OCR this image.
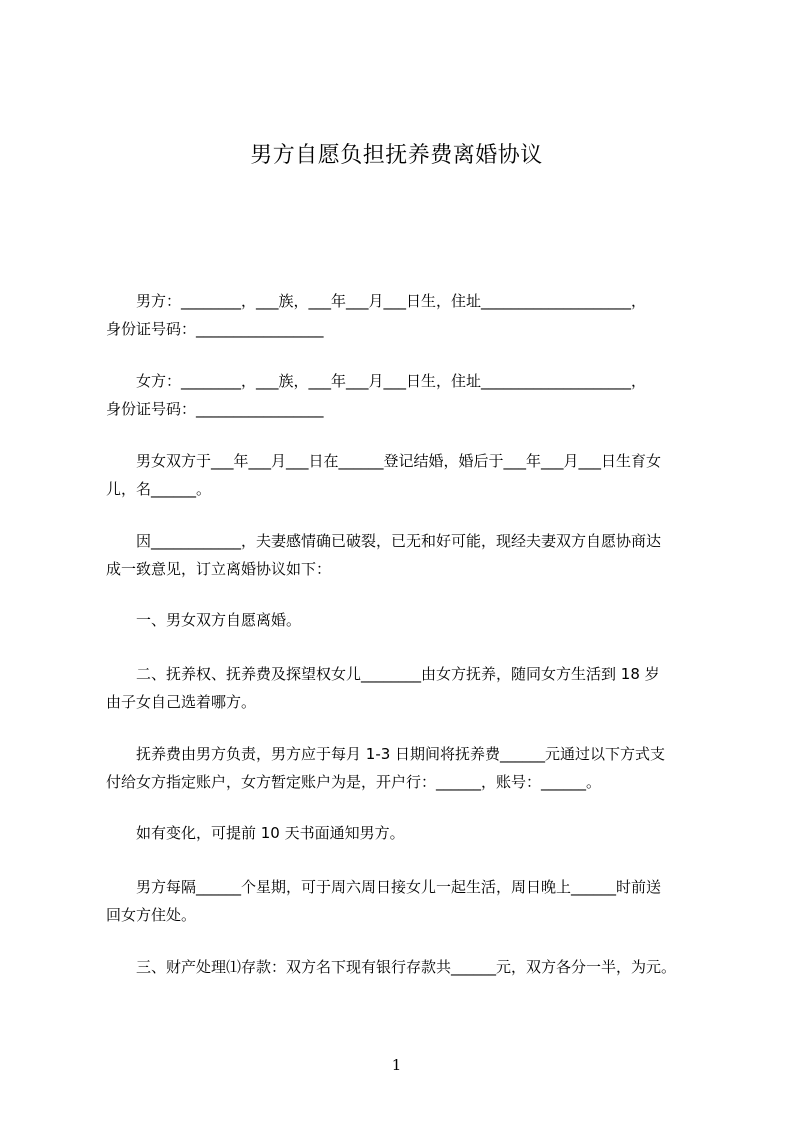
男方自愿负担抚养费离婚协议
男方：________，___族，___年___月___日生，住址____________________，
身份证号码：_________________
女方：________，___族，___年___月___日生，住址____________________，
身份证号码：_________________
男女双方于___年___月___日在______登记结婚，婚后于___年___月___日生育女
儿，名______。
因____________，夫妻感情确已破裂，已无和好可能，现经夫妻双方自愿协商达
成一致意见，订立离婚协议如下：
一、男女双方自愿离婚。
二、抚养权、抚养费及探望权女儿________由女方抚养，随同女方生活到 18 岁
由子女自己选着哪方。
抚养费由男方负责，男方应于每月 1-3 日期间将抚养费______元通过以下方式支
付给女方指定账户，女方暂定账户为是，开户行：______，账号：______。
如有变化，可提前 10 天书面通知男方。
男方每隔______个星期，可于周六周日接女儿一起生活，周日晚上______时前送
回女方住处。
三、财产处理⑴存款：双方名下现有银行存款共______元，双方各分一半，为元。
1
